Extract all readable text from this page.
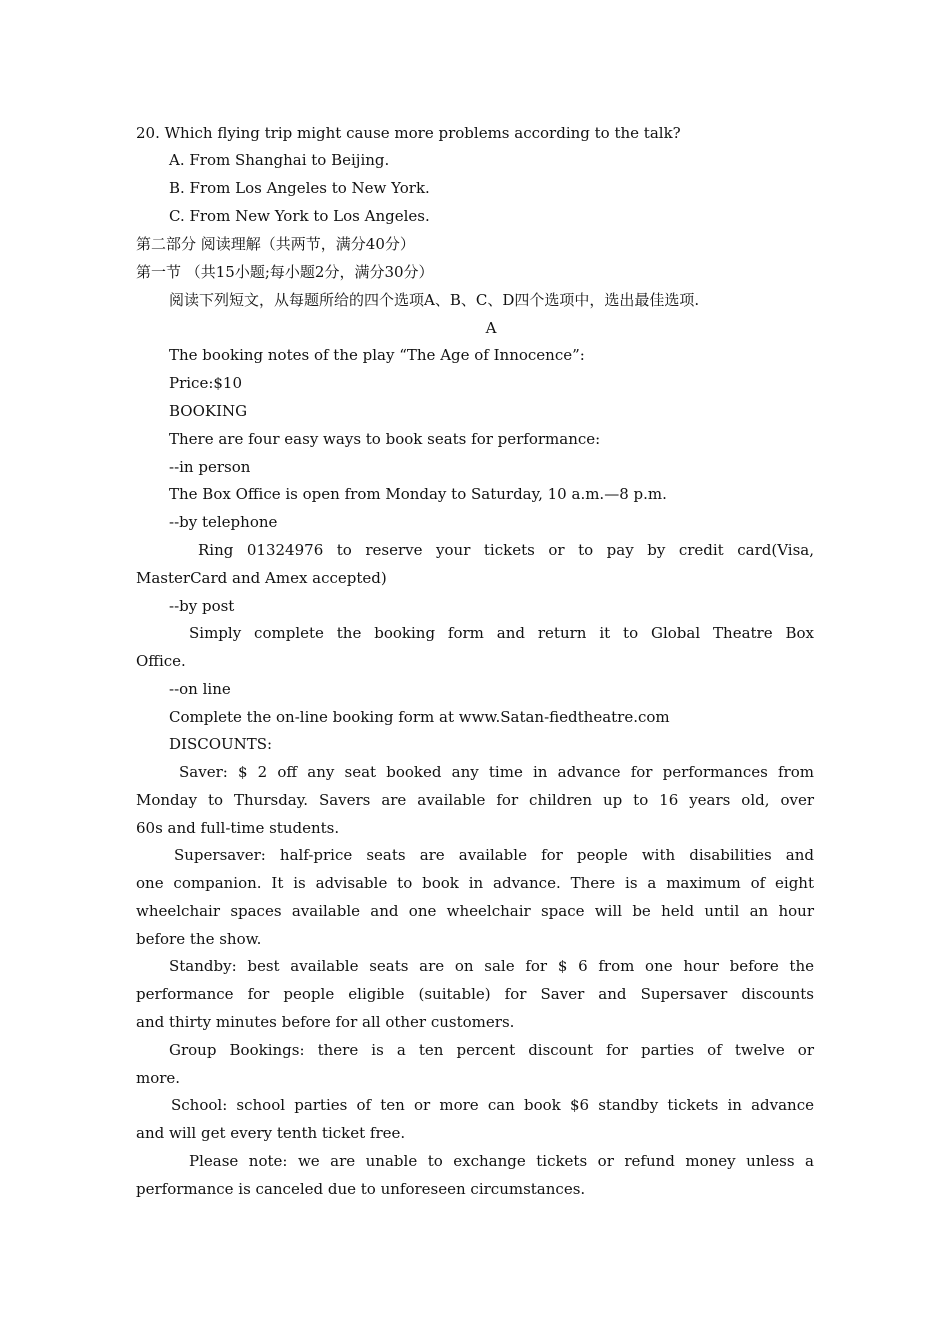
20. Which flying trip might cause more problems according to the talk?
A. From Shanghai to Beijing.
B. From Los Angeles to New York.
C. From New York to Los Angeles.
第二部分 阅读理解（共两节，满分40分）
第一节 （共15小题;每小题2分，满分30分）
阅读下列短文，从每题所给的四个选项A、B、C、D四个选项中，选出最佳选项.
A
The booking notes of the play “The Age of Innocence”:
Price:$10
BOOKING
There are four easy ways to book seats for performance:
--in person
The Box Office is open from Monday to Saturday, 10 a.m.—8 p.m.
--by telephone
Ring 01324976 to reserve your tickets or to pay by credit card(Visa,
MasterCard and Amex accepted)
--by post
Simply complete the booking form and return it to Global Theatre Box
Office.
--on line
Complete the on-line booking form at www.Satan-fiedtheatre.com
DISCOUNTS:
Saver: $ 2 off any seat booked any time in advance for performances from
Monday to Thursday. Savers are available for children up to 16 years old, over
60s and full-time students.
Supersaver: half-price seats are available for people with disabilities and
one companion. It is advisable to book in advance. There is a maximum of eight
wheelchair spaces available and one wheelchair space will be held until an hour
before the show.
Standby: best available seats are on sale for $ 6 from one hour before the
performance for people eligible (suitable) for Saver and Supersaver discounts
and thirty minutes before for all other customers.
Group Bookings: there is a ten percent discount for parties of twelve or
more.
School: school parties of ten or more can book $6 standby tickets in advance
and will get every tenth ticket free.
Please note: we are unable to exchange tickets or refund money unless a
performance is canceled due to unforeseen circumstances.
